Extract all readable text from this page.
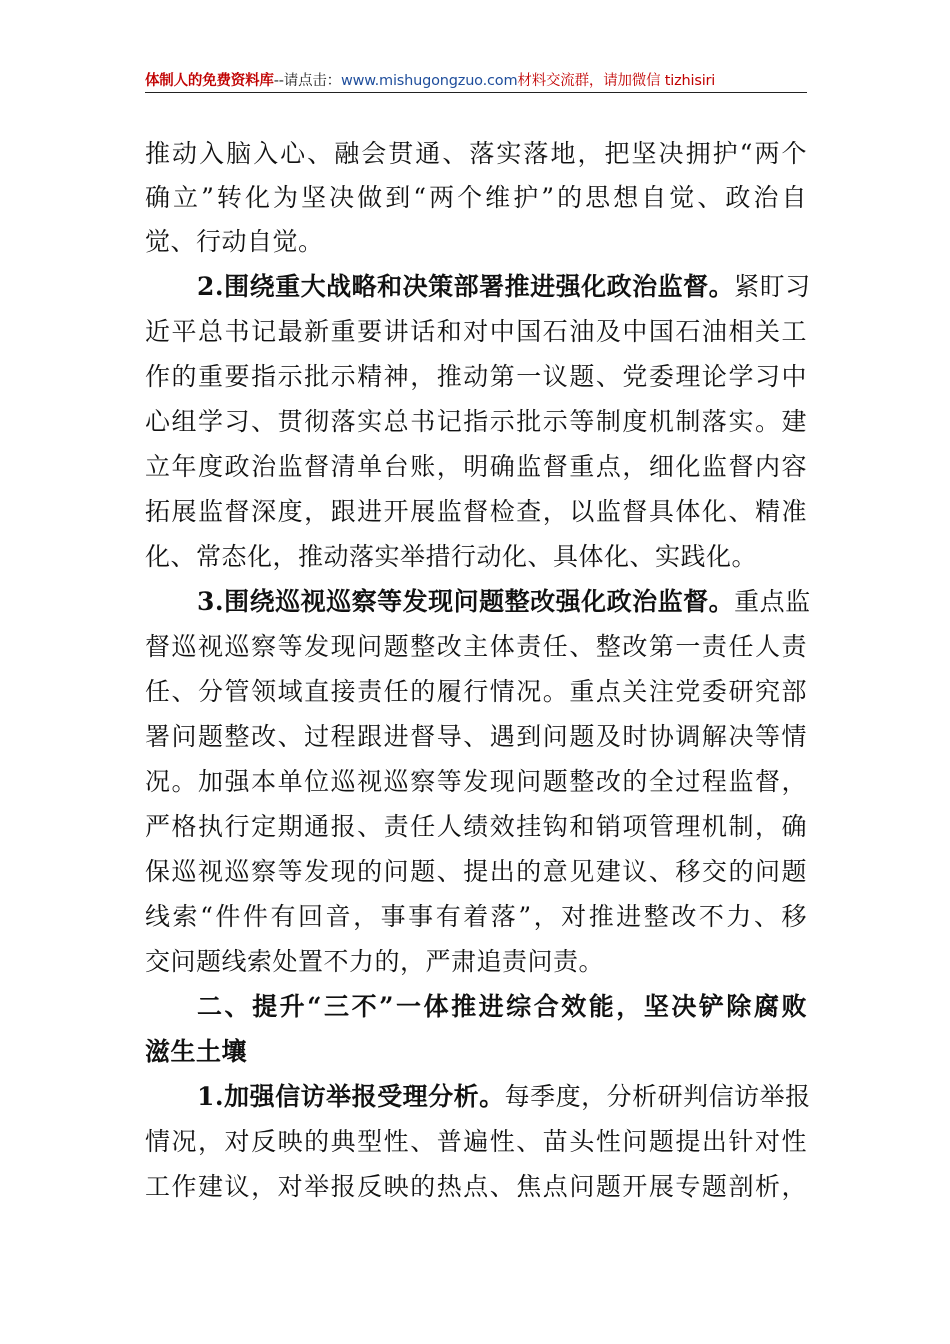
体制人的免费资料库--请点击：www.mishugongzuo.com材料交流群，请加微信 tizhisiri
推动入脑入心、融会贯通、落实落地，把坚决拥护“两个
确立”转化为坚决做到“两个维护”的思想自觉、政治自
觉、行动自觉。
2.围绕重大战略和决策部署推进强化政治监督。紧盯习
近平总书记最新重要讲话和对中国石油及中国石油相关工
作的重要指示批示精神，推动第一议题、党委理论学习中
心组学习、贯彻落实总书记指示批示等制度机制落实。建
立年度政治监督清单台账，明确监督重点，细化监督内容
拓展监督深度，跟进开展监督检查，以监督具体化、精准
化、常态化，推动落实举措行动化、具体化、实践化。
3.围绕巡视巡察等发现问题整改强化政治监督。重点监
督巡视巡察等发现问题整改主体责任、整改第一责任人责
任、分管领域直接责任的履行情况。重点关注党委研究部
署问题整改、过程跟进督导、遇到问题及时协调解决等情
况。加强本单位巡视巡察等发现问题整改的全过程监督，
严格执行定期通报、责任人绩效挂钩和销项管理机制，确
保巡视巡察等发现的问题、提出的意见建议、移交的问题
线索“件件有回音，事事有着落”，对推进整改不力、移
交问题线索处置不力的，严肃追责问责。
二、提升“三不”一体推进综合效能，坚决铲除腐败
滋生土壤
1.加强信访举报受理分析。每季度，分析研判信访举报
情况，对反映的典型性、普遍性、苗头性问题提出针对性
工作建议，对举报反映的热点、焦点问题开展专题剖析，
